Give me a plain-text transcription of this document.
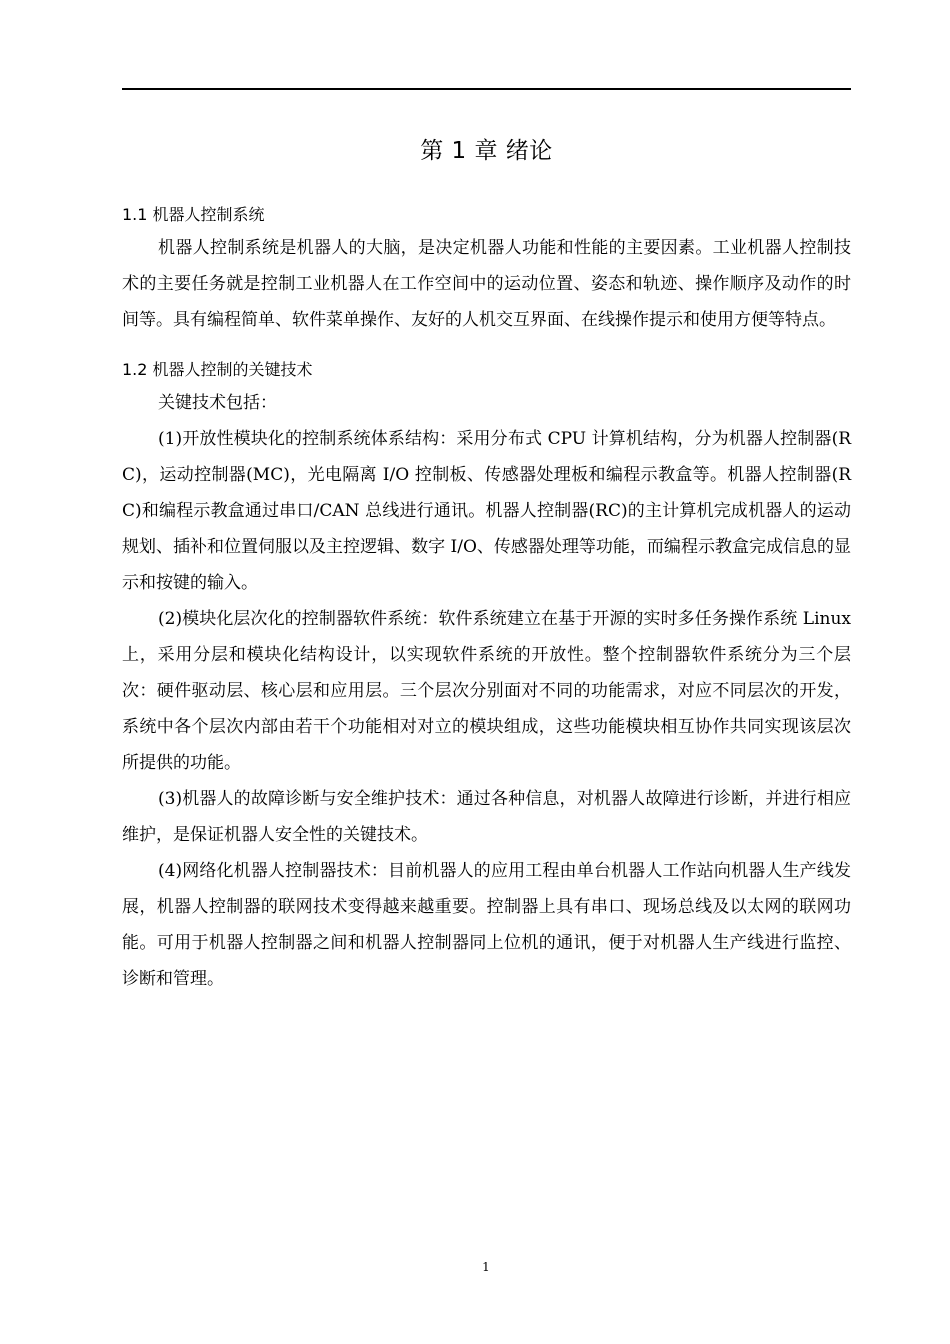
第 1 章 绪论
1.1 机器人控制系统

机器人控制系统是机器人的大脑，是决定机器人功能和性能的主要因素。工业机器人控制技术的主要任务就是控制工业机器人在工作空间中的运动位置、姿态和轨迹、操作顺序及动作的时间等。具有编程简单、软件菜单操作、友好的人机交互界面、在线操作提示和使用方便等特点。

1.2 机器人控制的关键技术

关键技术包括：

(1)开放性模块化的控制系统体系结构：采用分布式 CPU 计算机结构，分为机器人控制器(RC)，运动控制器(MC)，光电隔离 I/O 控制板、传感器处理板和编程示教盒等。机器人控制器(RC)和编程示教盒通过串口/CAN 总线进行通讯。机器人控制器(RC)的主计算机完成机器人的运动规划、插补和位置伺服以及主控逻辑、数字 I/O、传感器处理等功能，而编程示教盒完成信息的显示和按键的输入。

(2)模块化层次化的控制器软件系统：软件系统建立在基于开源的实时多任务操作系统 Linux 上，采用分层和模块化结构设计，以实现软件系统的开放性。整个控制器软件系统分为三个层次：硬件驱动层、核心层和应用层。三个层次分别面对不同的功能需求，对应不同层次的开发，系统中各个层次内部由若干个功能相对对立的模块组成，这些功能模块相互协作共同实现该层次所提供的功能。

(3)机器人的故障诊断与安全维护技术：通过各种信息，对机器人故障进行诊断，并进行相应维护，是保证机器人安全性的关键技术。

(4)网络化机器人控制器技术：目前机器人的应用工程由单台机器人工作站向机器人生产线发展，机器人控制器的联网技术变得越来越重要。控制器上具有串口、现场总线及以太网的联网功能。可用于机器人控制器之间和机器人控制器同上位机的通讯，便于对机器人生产线进行监控、诊断和管理。

1
